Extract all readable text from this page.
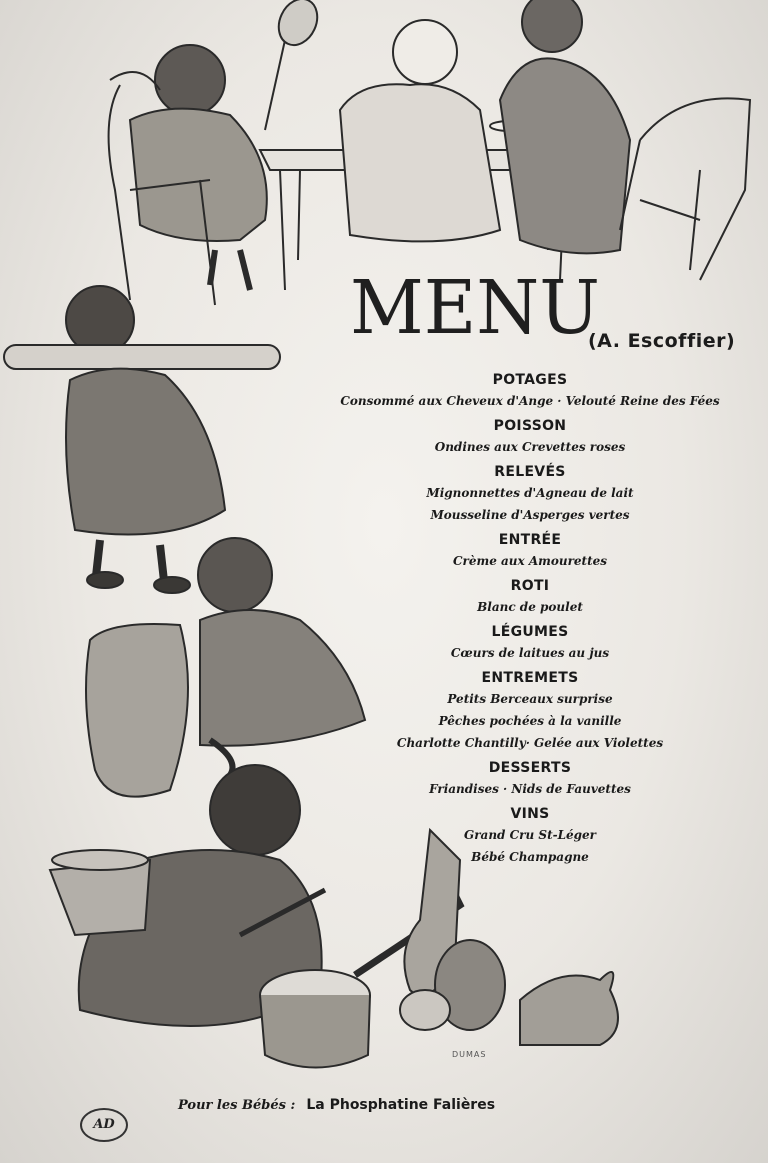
MENU
(A. Escoffier)
POTAGES
Consommé aux Cheveux d'Ange · Velouté Reine des Fées
POISSON
Ondines aux Crevettes roses
RELEVÉS
Mignonnettes d'Agneau de lait
Mousseline d'Asperges vertes
ENTRÉE
Crème aux Amourettes
ROTI
Blanc de poulet
LÉGUMES
Cœurs de laitues au jus
ENTREMETS
Petits Berceaux surprise
Pêches pochées à la vanille
Charlotte Chantilly· Gelée aux Violettes
DESSERTS
Friandises · Nids de Fauvettes
VINS
Grand Cru St-Léger
Bébé Champagne
DUMAS
AD
Pour les Bébés : La Phosphatine Falières
